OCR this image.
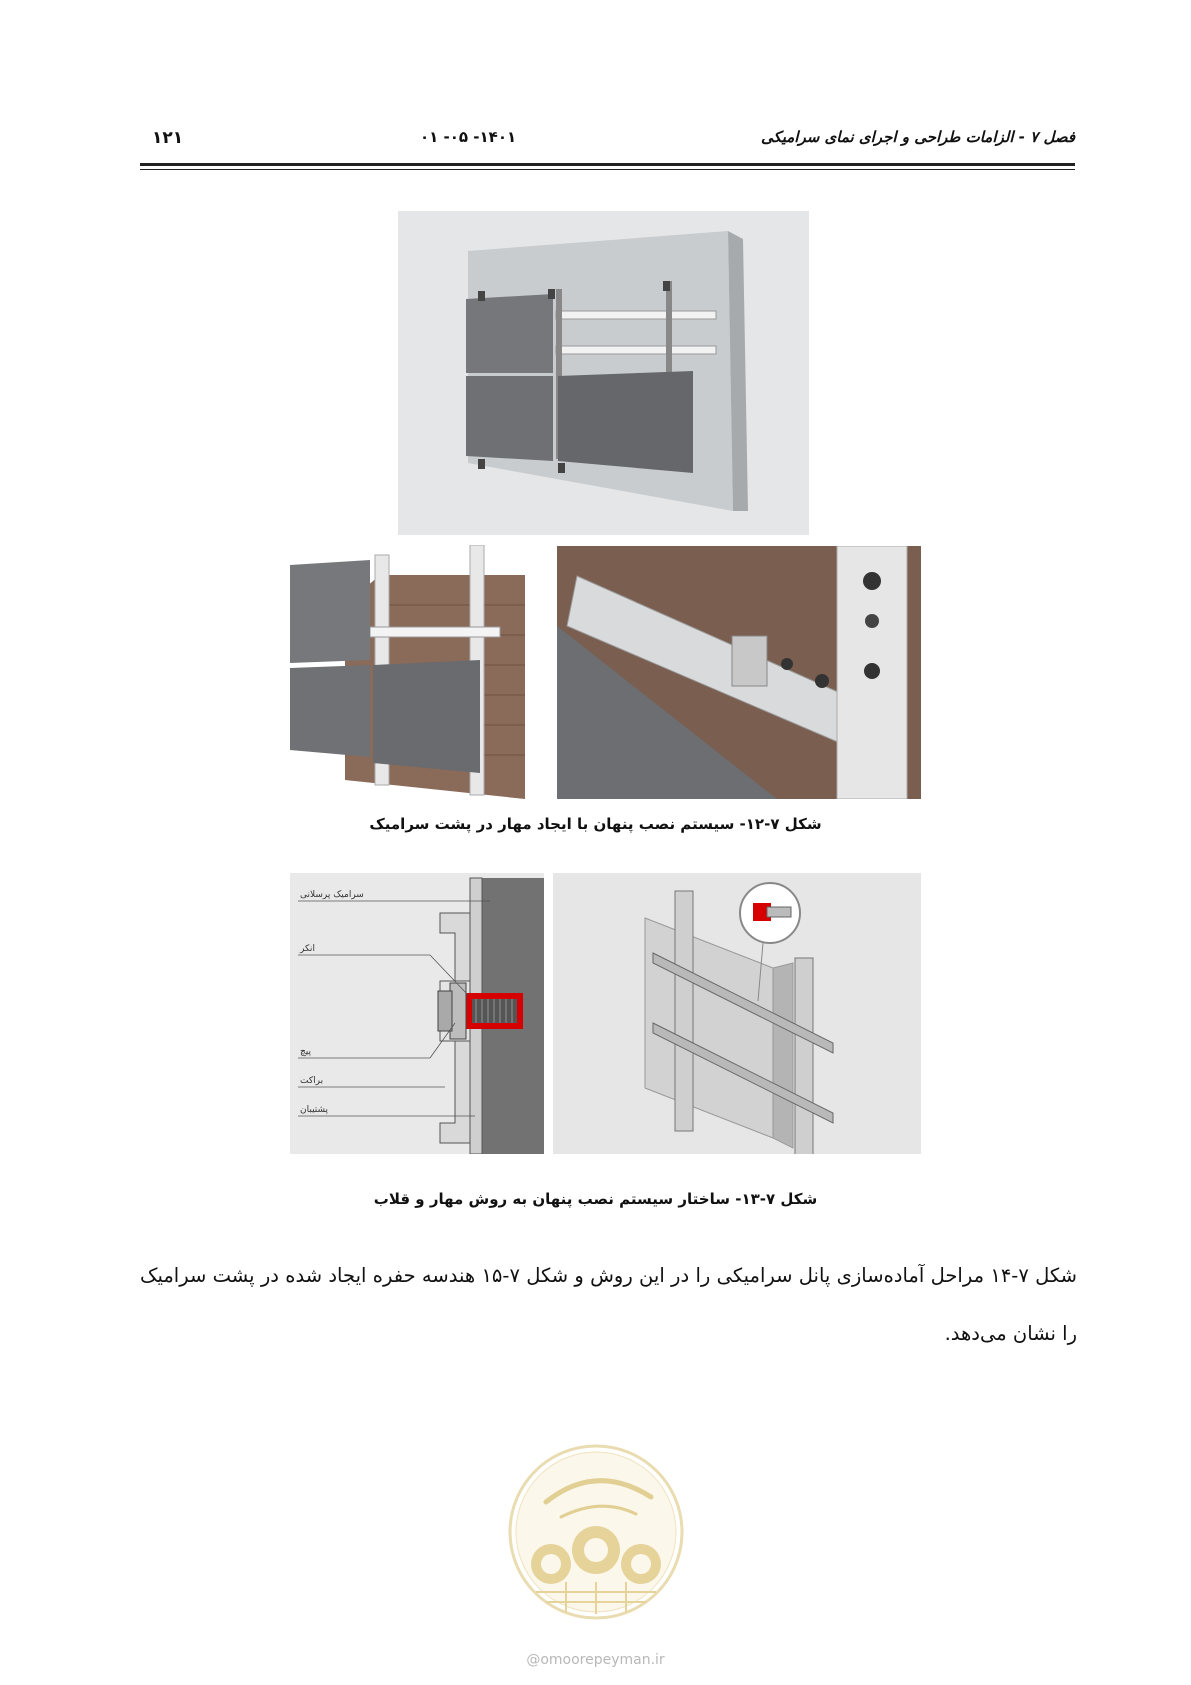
۱۲۱	۰۱ -۰۵ -۱۴۰۱	فصل ۷ - الزامات طراحی و اجرای نمای سرامیکی
شکل ۷-۱۲- سیستم نصب پنهان با ایجاد مهار در پشت سرامیک
سرامیک پرسلانی
انکر
پیچ
براکت
پشتیبان
شکل ۷-۱۳- ساختار سیستم نصب پنهان به روش مهار و قلاب
شکل ۷-۱۴ مراحل آماده‌سازی پانل سرامیکی را در این روش و شکل ۷-۱۵ هندسه حفره ایجاد شده در پشت سرامیک را نشان می‌دهد.
@omoorepeyman.ir
